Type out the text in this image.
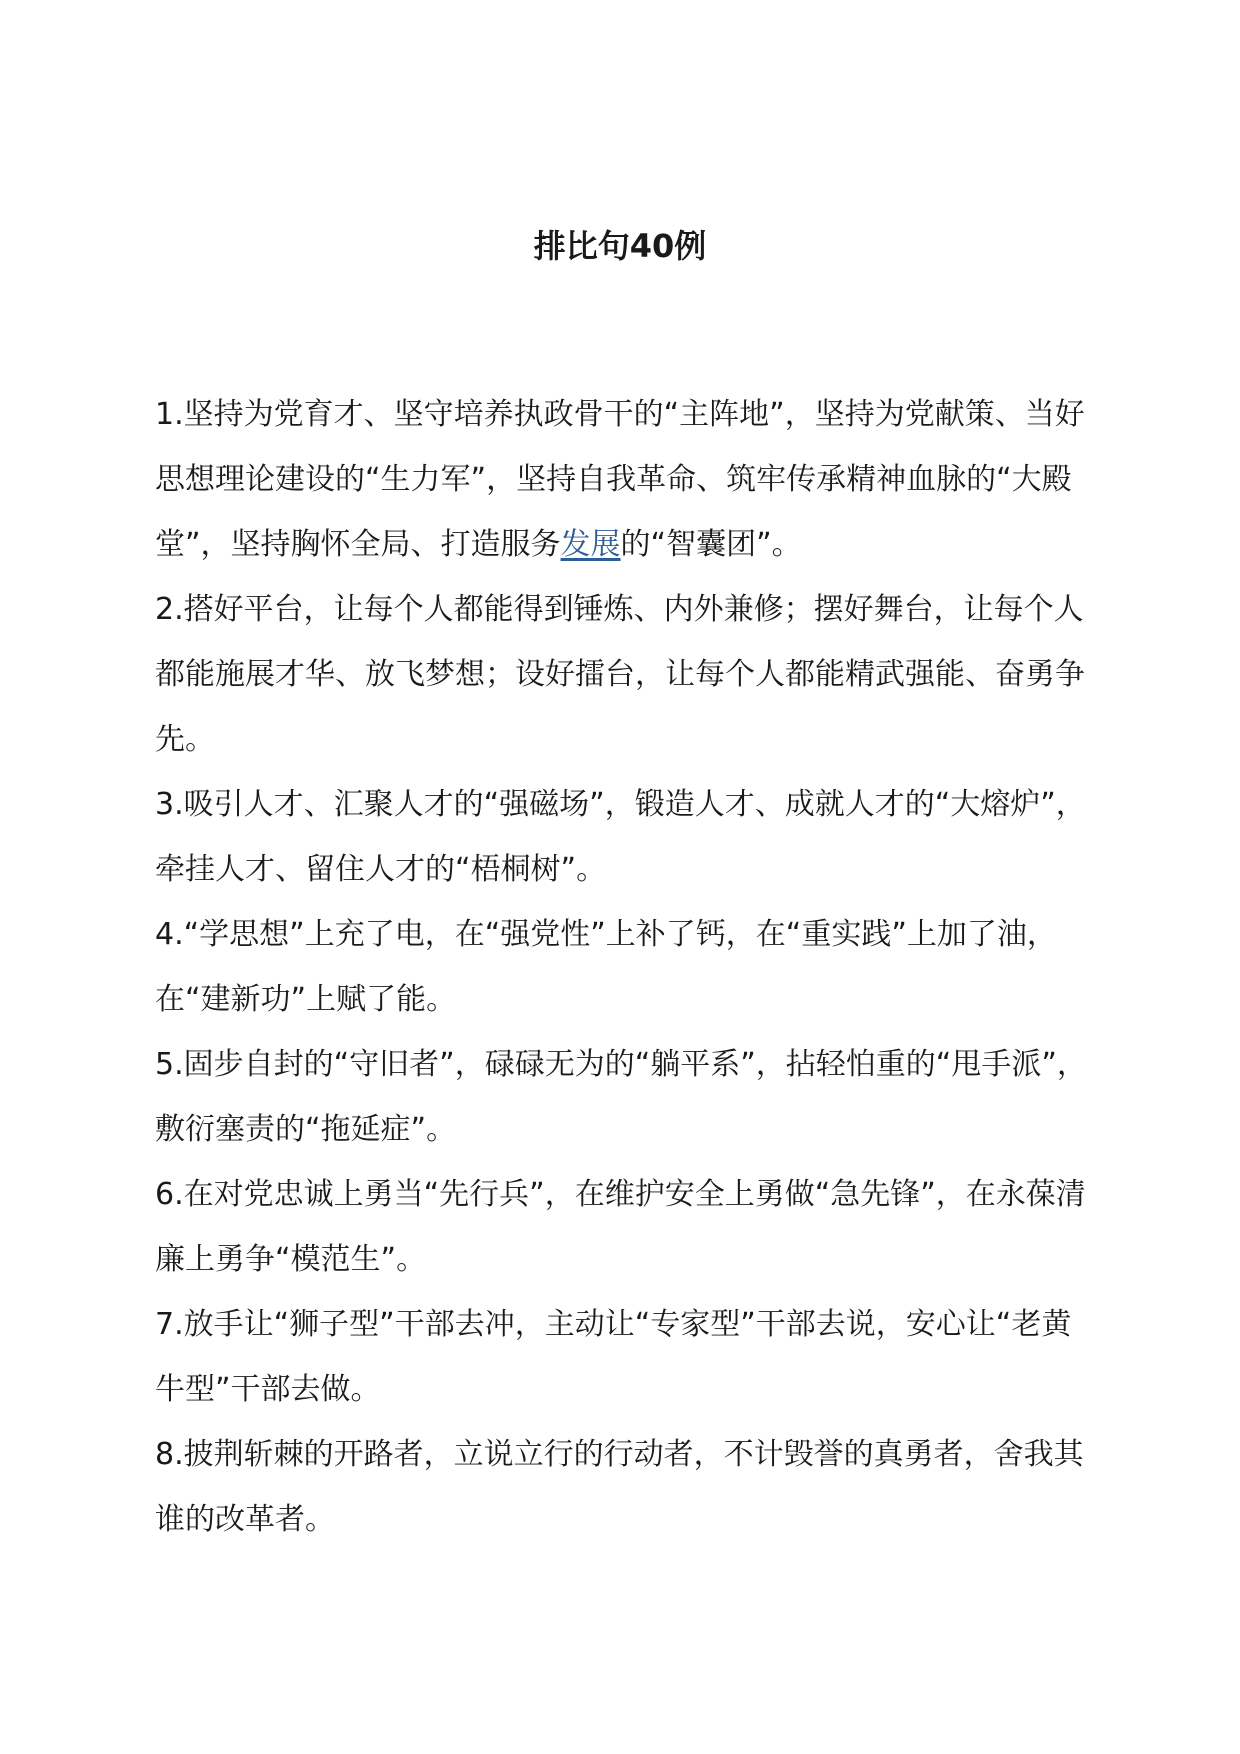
排比句40例

1.坚持为党育才、坚守培养执政骨干的“主阵地”，坚持为党献策、当好思想理论建设的“生力军”，坚持自我革命、筑牢传承精神血脉的“大殿堂”，坚持胸怀全局、打造服务发展的“智囊团”。

2.搭好平台，让每个人都能得到锤炼、内外兼修；摆好舞台，让每个人都能施展才华、放飞梦想；设好擂台，让每个人都能精武强能、奋勇争先。

3.吸引人才、汇聚人才的“强磁场”，锻造人才、成就人才的“大熔炉”，牵挂人才、留住人才的“梧桐树”。

4.“学思想”上充了电，在“强党性”上补了钙，在“重实践”上加了油，在“建新功”上赋了能。

5.固步自封的“守旧者”，碌碌无为的“躺平系”，拈轻怕重的“甩手派”，敷衍塞责的“拖延症”。

6.在对党忠诚上勇当“先行兵”，在维护安全上勇做“急先锋”，在永葆清廉上勇争“模范生”。

7.放手让“狮子型”干部去冲，主动让“专家型”干部去说，安心让“老黄牛型”干部去做。

8.披荆斩棘的开路者，立说立行的行动者，不计毁誉的真勇者，舍我其谁的改革者。
